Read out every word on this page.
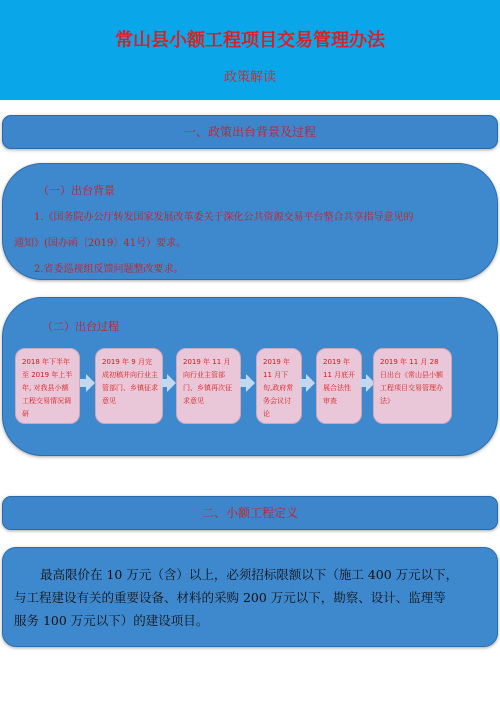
常山县小额工程项目交易管理办法
政策解读
一、政策出台背景及过程
（一）出台背景
1.《国务院办公厅转发国家发展改革委关于深化公共资源交易平台整合共享指导意见的
通知》(国办函〔2019〕41号）要求。
2.省委巡视组反馈问题整改要求。
（二）出台过程
2018 年下半年至 2019 年上半年, 对我县小额工程交易情况调研
2019 年 9 月完成初稿并向行业主管部门、乡镇征求意见
2019 年 11 月向行业主管部门、乡镇再次征求意见
2019 年 11 月下旬,政府常务会议讨论
2019 年 11 月底开展合法性审查
2019 年 11 月 28 日出台《常山县小额工程项目交易管理办法》
二、小额工程定义
最高限价在 10 万元（含）以上，必须招标限额以下（施工 400 万元以下，
与工程建设有关的重要设备、材料的采购 200 万元以下，勘察、设计、监理等
服务 100 万元以下）的建设项目。
